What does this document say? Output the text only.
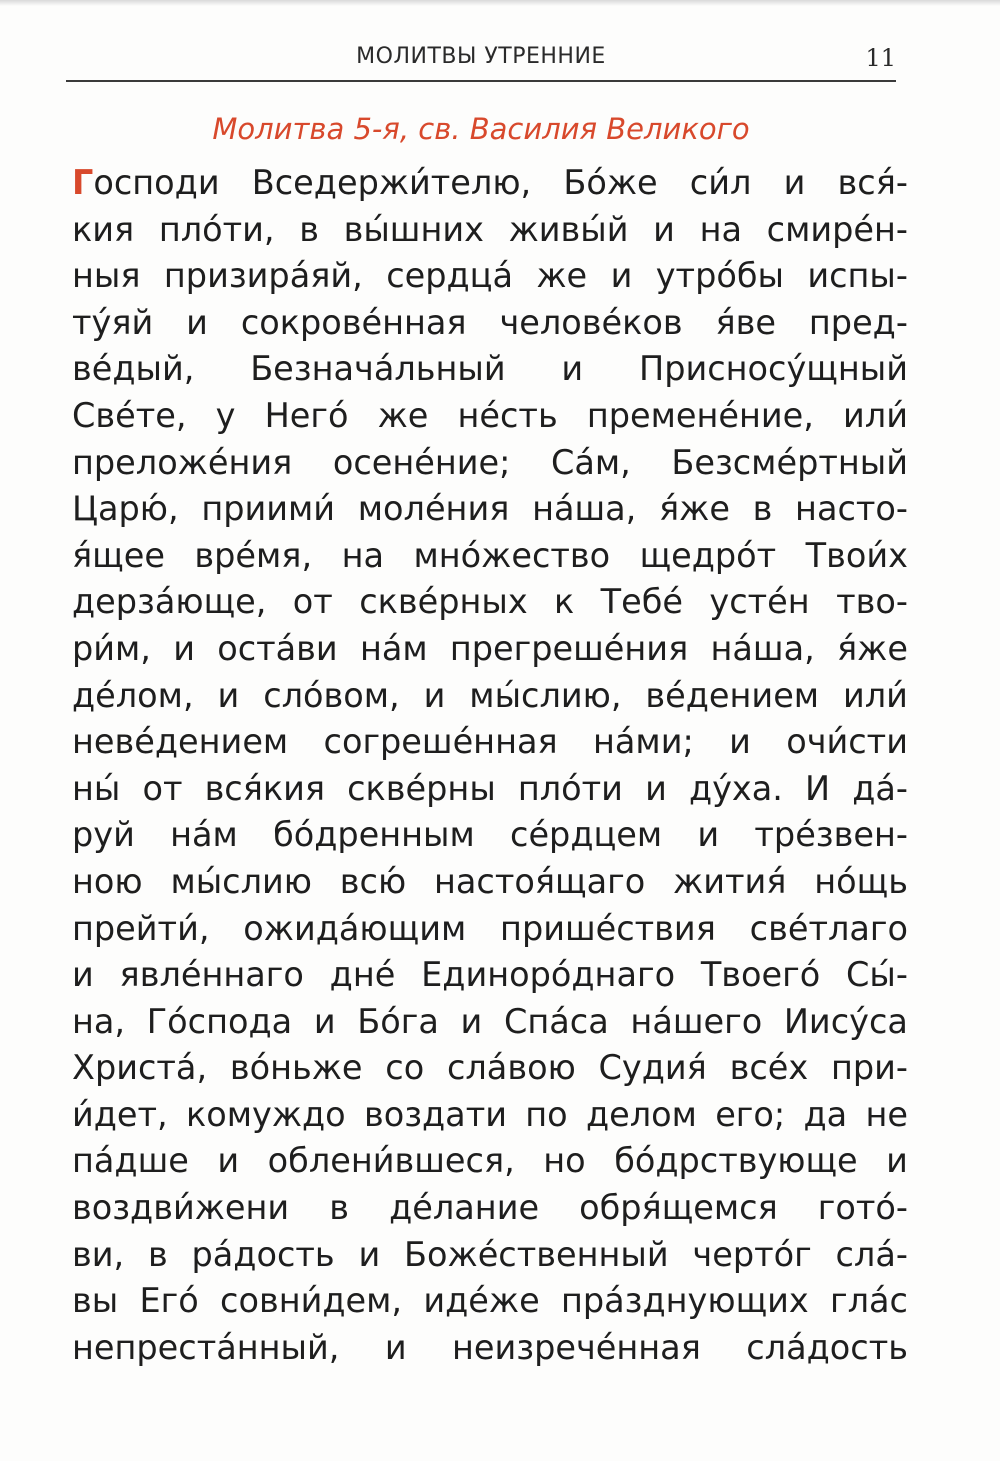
МОЛИТВЫ УТРЕННИЕ	11
Молитва 5-я, св. Василия Великого
Господи Вседержи́телю, Бо́же си́л и вся́-
кия пло́ти, в вы́шних живы́й и на смире́н-
ныя призира́яй, сердца́ же и утро́бы испы-
ту́яй и сокрове́нная челове́ков я́ве пред-
ве́дый, Безнача́льный и Присносу́щный
Све́те, у Него́ же не́сть премене́ние, или́
преложе́ния осене́ние; Са́м, Безсме́ртный
Царю́, приими́ моле́ния на́ша, я́же в насто-
я́щее вре́мя, на мно́жество щедро́т Твои́х
дерза́юще, от скве́рных к Тебе́ усте́н тво-
ри́м, и оста́ви на́м прегреше́ния на́ша, я́же
де́лом, и сло́вом, и мы́слию, ве́дением или́
неве́дением согреше́нная на́ми; и очи́сти
ны́ от вся́кия скве́рны пло́ти и ду́ха. И да́-
руй на́м бо́дренным се́рдцем и тре́звен-
ною мы́слию всю́ настоя́щаго жития́ но́щь
прейти́, ожида́ющим прише́ствия све́тлаго
и явле́ннаго дне́ Единоро́днаго Твоего́ Сы́-
на, Го́спода и Бо́га и Спа́са на́шего Иису́са
Христа́, во́ньже со сла́вою Судия́ все́х при-
и́дет, комуждо воздати по делом его; да не
па́дше и облени́вшеся, но бо́дрствующе и
воздви́жени в де́лание обря́щемся гото́-
ви, в ра́дость и Боже́ственный черто́г сла́-
вы Его́ совни́дем, иде́же пра́зднующих гла́с
непреста́нный, и неизрече́нная сла́дость
